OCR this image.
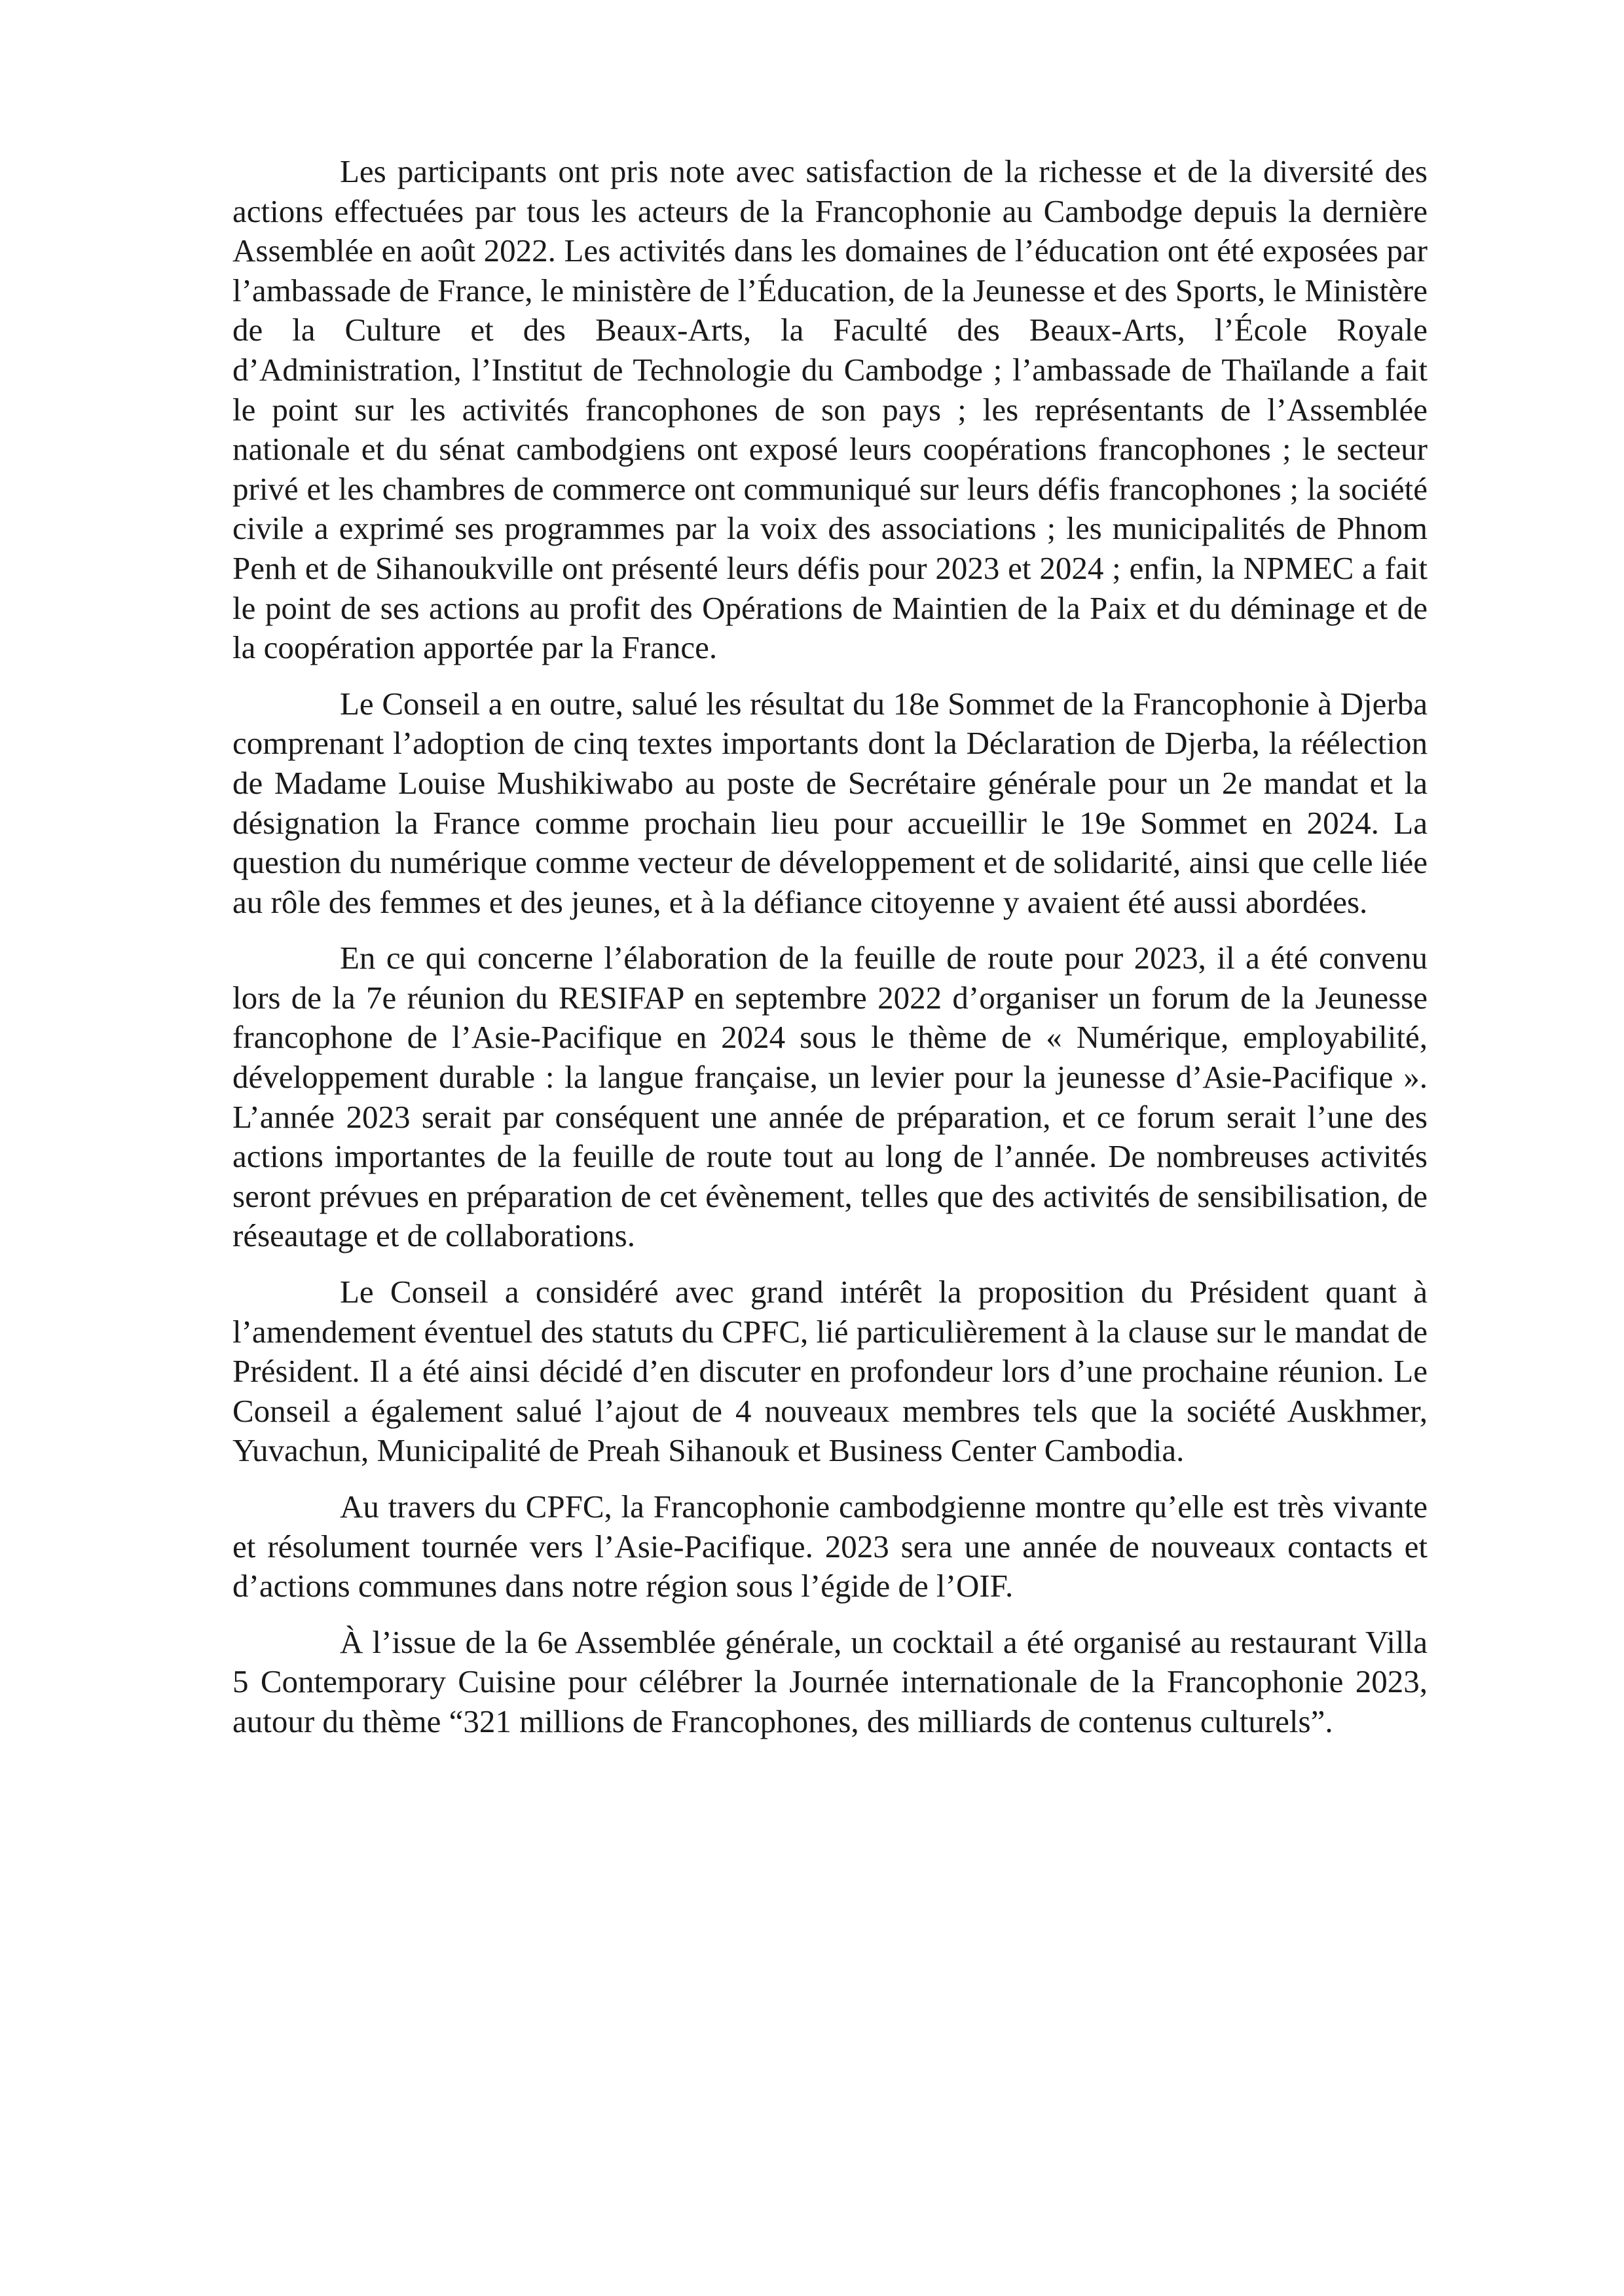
Les participants ont pris note avec satisfaction de la richesse et de la diversité des actions effectuées par tous les acteurs de la Francophonie au Cambodge depuis la dernière Assemblée en août 2022. Les activités dans les domaines de l’éducation ont été exposées par l’ambassade de France, le ministère de l’Éducation, de la Jeunesse et des Sports, le Ministère de la Culture et des Beaux-Arts, la Faculté des Beaux-Arts, l’École Royale d’Administration, l’Institut de Technologie du Cambodge ; l’ambassade de Thaïlande a fait le point sur les activités francophones de son pays ; les représentants de l’Assemblée nationale et du sénat cambodgiens ont exposé leurs coopérations francophones ; le secteur privé et les chambres de commerce ont communiqué sur leurs défis francophones ; la société civile a exprimé ses programmes par la voix des associations ; les municipalités de Phnom Penh et de Sihanoukville ont présenté leurs défis pour 2023 et 2024 ; enfin, la NPMEC a fait le point de ses actions au profit des Opérations de Maintien de la Paix et du déminage et de la coopération apportée par la France.

Le Conseil a en outre, salué les résultat du 18e Sommet de la Francophonie à Djerba comprenant l’adoption de cinq textes importants dont la Déclaration de Djerba, la réélection de Madame Louise Mushikiwabo au poste de Secrétaire générale pour un 2e mandat et la désignation la France comme prochain lieu pour accueillir le 19e Sommet en 2024. La question du numérique comme vecteur de développement et de solidarité, ainsi que celle liée au rôle des femmes et des jeunes, et à la défiance citoyenne y avaient été aussi abordées.

En ce qui concerne l’élaboration de la feuille de route pour 2023, il a été convenu lors de la 7e réunion du RESIFAP en septembre 2022 d’organiser un forum de la Jeunesse francophone de l’Asie-Pacifique en 2024 sous le thème de « Numérique, employabilité, développement durable : la langue française, un levier pour la jeunesse d’Asie-Pacifique ». L’année 2023 serait par conséquent une année de préparation, et ce forum serait l’une des actions importantes de la feuille de route tout au long de l’année. De nombreuses activités seront prévues en préparation de cet évènement, telles que des activités de sensibilisation, de réseautage et de collaborations.

Le Conseil a considéré avec grand intérêt la proposition du Président quant à l’amendement éventuel des statuts du CPFC, lié particulièrement à la clause sur le mandat de Président. Il a été ainsi décidé d’en discuter en profondeur lors d’une prochaine réunion. Le Conseil a également salué l’ajout de 4 nouveaux membres tels que la société Auskhmer, Yuvachun, Municipalité de Preah Sihanouk et Business Center Cambodia.

Au travers du CPFC, la Francophonie cambodgienne montre qu’elle est très vivante et résolument tournée vers l’Asie-Pacifique. 2023 sera une année de nouveaux contacts et d’actions communes dans notre région sous l’égide de l’OIF.

À l’issue de la 6e Assemblée générale, un cocktail a été organisé au restaurant Villa 5 Contemporary Cuisine pour célébrer la Journée internationale de la Francophonie 2023, autour du thème “321 millions de Francophones, des milliards de contenus culturels”.
